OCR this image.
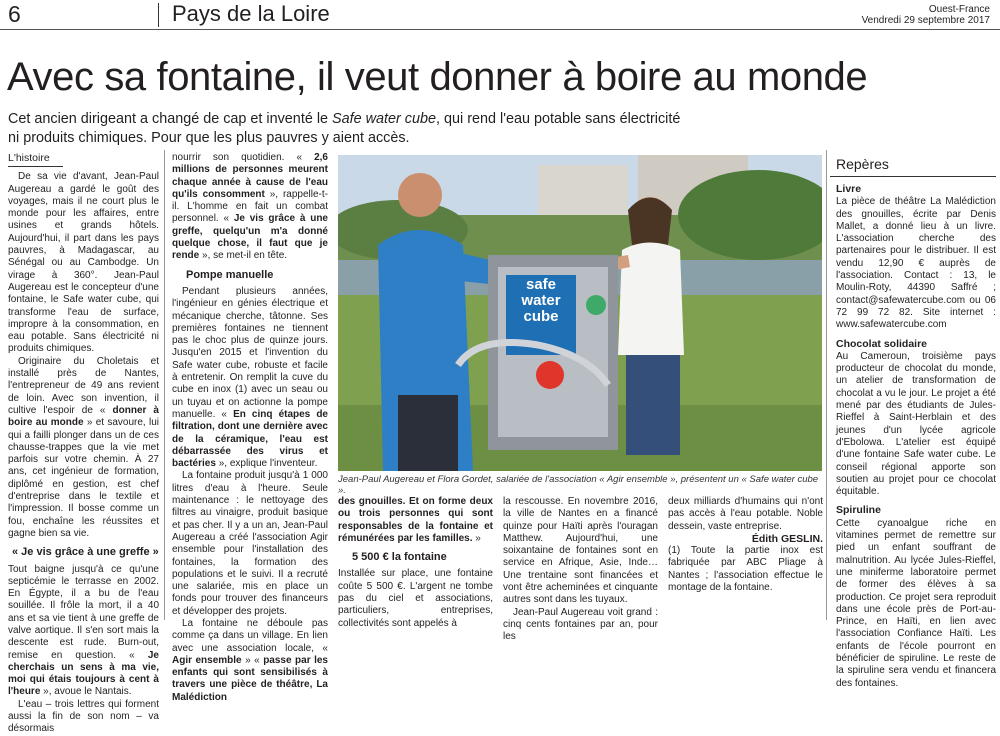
6	Pays de la Loire	Ouest-France
Vendredi 29 septembre 2017
Avec sa fontaine, il veut donner à boire au monde
Cet ancien dirigeant a changé de cap et inventé le Safe water cube, qui rend l'eau potable sans électricité ni produits chimiques. Pour que les plus pauvres y aient accès.
L'histoire

De sa vie d'avant, Jean-Paul Augereau a gardé le goût des voyages, mais il ne court plus le monde pour les affaires, entre usines et grands hôtels. Aujourd'hui, il part dans les pays pauvres, à Madagascar, au Sénégal ou au Cambodge. Un virage à 360°. Jean-Paul Augereau est le concepteur d'une fontaine, le Safe water cube, qui transforme l'eau de surface, impropre à la consommation, en eau potable. Sans électricité ni produits chimiques.

Originaire du Choletais et installé près de Nantes, l'entrepreneur de 49 ans revient de loin. Avec son invention, il cultive l'espoir de « donner à boire au monde » et savoure, lui qui a failli plonger dans un de ces chausse-trappes que la vie met parfois sur votre chemin. À 27 ans, cet ingénieur de formation, diplômé en gestion, est chef d'entreprise dans le textile et l'impression. Il bosse comme un fou, enchaîne les réussites et gagne bien sa vie.

« Je vis grâce à une greffe »

Tout baigne jusqu'à ce qu'une septicémie le terrasse en 2002. En Égypte, il a bu de l'eau souillée. Il frôle la mort, il a 40 ans et sa vie tient à une greffe de valve aortique. Il s'en sort mais la descente est rude. Burn-out, remise en question. « Je cherchais un sens à ma vie, moi qui étais toujours à cent à l'heure », avoue le Nantais.

L'eau – trois lettres qui forment aussi la fin de son nom – va désormais

nourrir son quotidien. « 2,6 millions de personnes meurent chaque année à cause de l'eau qu'ils consomment », rappelle-t-il. L'homme en fait un combat personnel. « Je vis grâce à une greffe, quelqu'un m'a donné quelque chose, il faut que je rende », se met-il en tête.

Pompe manuelle

Pendant plusieurs années, l'ingénieur en génies électrique et mécanique cherche, tâtonne. Ses premières fontaines ne tiennent pas le choc plus de quinze jours. Jusqu'en 2015 et l'invention du Safe water cube, robuste et facile à entretenir. On remplit la cuve du cube en inox (1) avec un seau ou un tuyau et on actionne la pompe manuelle. « En cinq étapes de filtration, dont une dernière avec de la céramique, l'eau est débarrassée des virus et bactéries », explique l'inventeur.

La fontaine produit jusqu'à 1 000 litres d'eau à l'heure. Seule maintenance : le nettoyage des filtres au vinaigre, produit basique et pas cher. Il y a un an, Jean-Paul Augereau a créé l'association Agir ensemble pour l'installation des fontaines, la formation des populations et le suivi. Il a recruté une salariée, mis en place un fonds pour trouver des financeurs et développer des projets.

La fontaine ne déboule pas comme ça dans un village. En lien avec une association locale, « Agir ensemble » « passe par les enfants qui sont sensibilisés à travers une pièce de théâtre, La Malédiction

safe water cube
Jean-Paul Augereau et Flora Gordet, salariée de l'association « Agir ensemble », présentent un « Safe water cube ».

des gnouilles. Et on forme deux ou trois personnes qui sont responsables de la fontaine et rémunérées par les familles. »

5 500 € la fontaine

Installée sur place, une fontaine coûte 5 500 €. L'argent ne tombe pas du ciel et associations, particuliers, entreprises, collectivités sont appelés à

la rescousse. En novembre 2016, la ville de Nantes en a financé quinze pour Haïti après l'ouragan Matthew. Aujourd'hui, une soixantaine de fontaines sont en service en Afrique, Asie, Inde… Une trentaine sont financées et vont être acheminées et cinquante autres sont dans les tuyaux.

Jean-Paul Augereau voit grand : cinq cents fontaines par an, pour les

deux milliards d'humains qui n'ont pas accès à l'eau potable. Noble dessein, vaste entreprise.

Édith GESLIN.

(1) Toute la partie inox est fabriquée par ABC Pliage à Nantes ; l'association effectue le montage de la fontaine.

Repères
Livre

La pièce de théâtre La Malédiction des gnouilles, écrite par Denis Mallet, a donné lieu à un livre. L'association cherche des partenaires pour le distribuer. Il est vendu 12,90 € auprès de l'association. Contact : 13, le Moulin-Roty, 44390 Saffré ; contact@safewatercube.com ou 06 72 99 72 82. Site internet : www.safewatercube.com

Chocolat solidaire

Au Cameroun, troisième pays producteur de chocolat du monde, un atelier de transformation de chocolat a vu le jour. Le projet a été mené par des étudiants de Jules-Rieffel à Saint-Herblain et des jeunes d'un lycée agricole d'Ebolowa. L'atelier est équipé d'une fontaine Safe water cube. Le conseil régional apporte son soutien au projet pour ce chocolat équitable.

Spiruline

Cette cyanoalgue riche en vitamines permet de remettre sur pied un enfant souffrant de malnutrition. Au lycée Jules-Rieffel, une miniferme laboratoire permet de former des élèves à sa production. Ce projet sera reproduit dans une école près de Port-au-Prince, en Haïti, en lien avec l'association Confiance Haïti. Les enfants de l'école pourront en bénéficier de spiruline. Le reste de la spiruline sera vendu et financera des fontaines.
